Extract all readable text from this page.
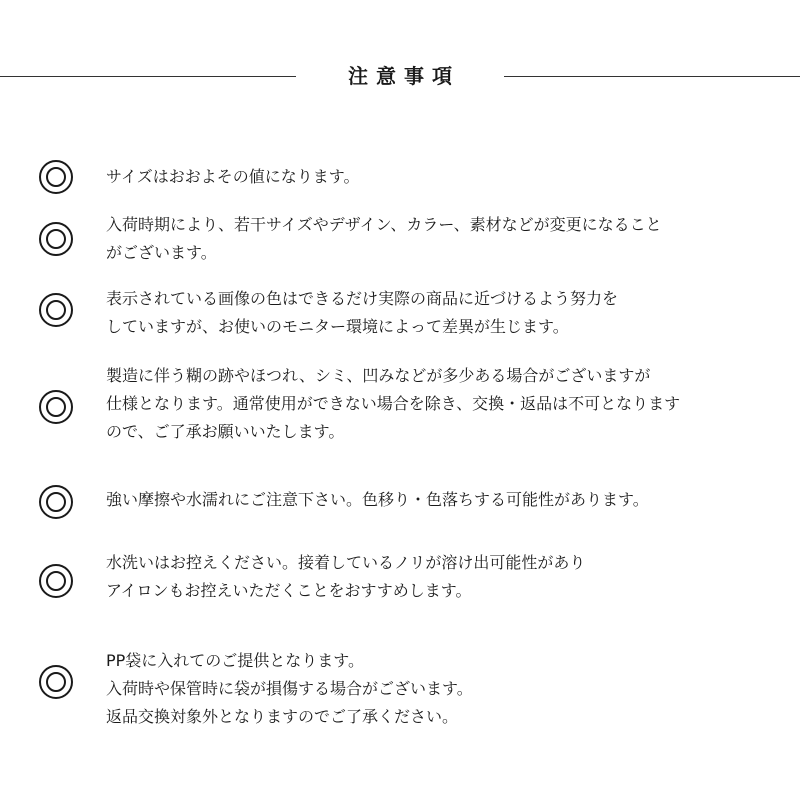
注意事項
サイズはおおよその値になります。
入荷時期により、若干サイズやデザイン、カラー、素材などが変更になること
がございます。
表示されている画像の色はできるだけ実際の商品に近づけるよう努力を
していますが、お使いのモニター環境によって差異が生じます。
製造に伴う糊の跡やほつれ、シミ、凹みなどが多少ある場合がございますが
仕様となります。通常使用ができない場合を除き、交換・返品は不可となります
ので、ご了承お願いいたします。
強い摩擦や水濡れにご注意下さい。色移り・色落ちする可能性があります。
水洗いはお控えください。接着しているノリが溶け出可能性があり
アイロンもお控えいただくことをおすすめします。
PP袋に入れてのご提供となります。
入荷時や保管時に袋が損傷する場合がございます。
返品交換対象外となりますのでご了承ください。
